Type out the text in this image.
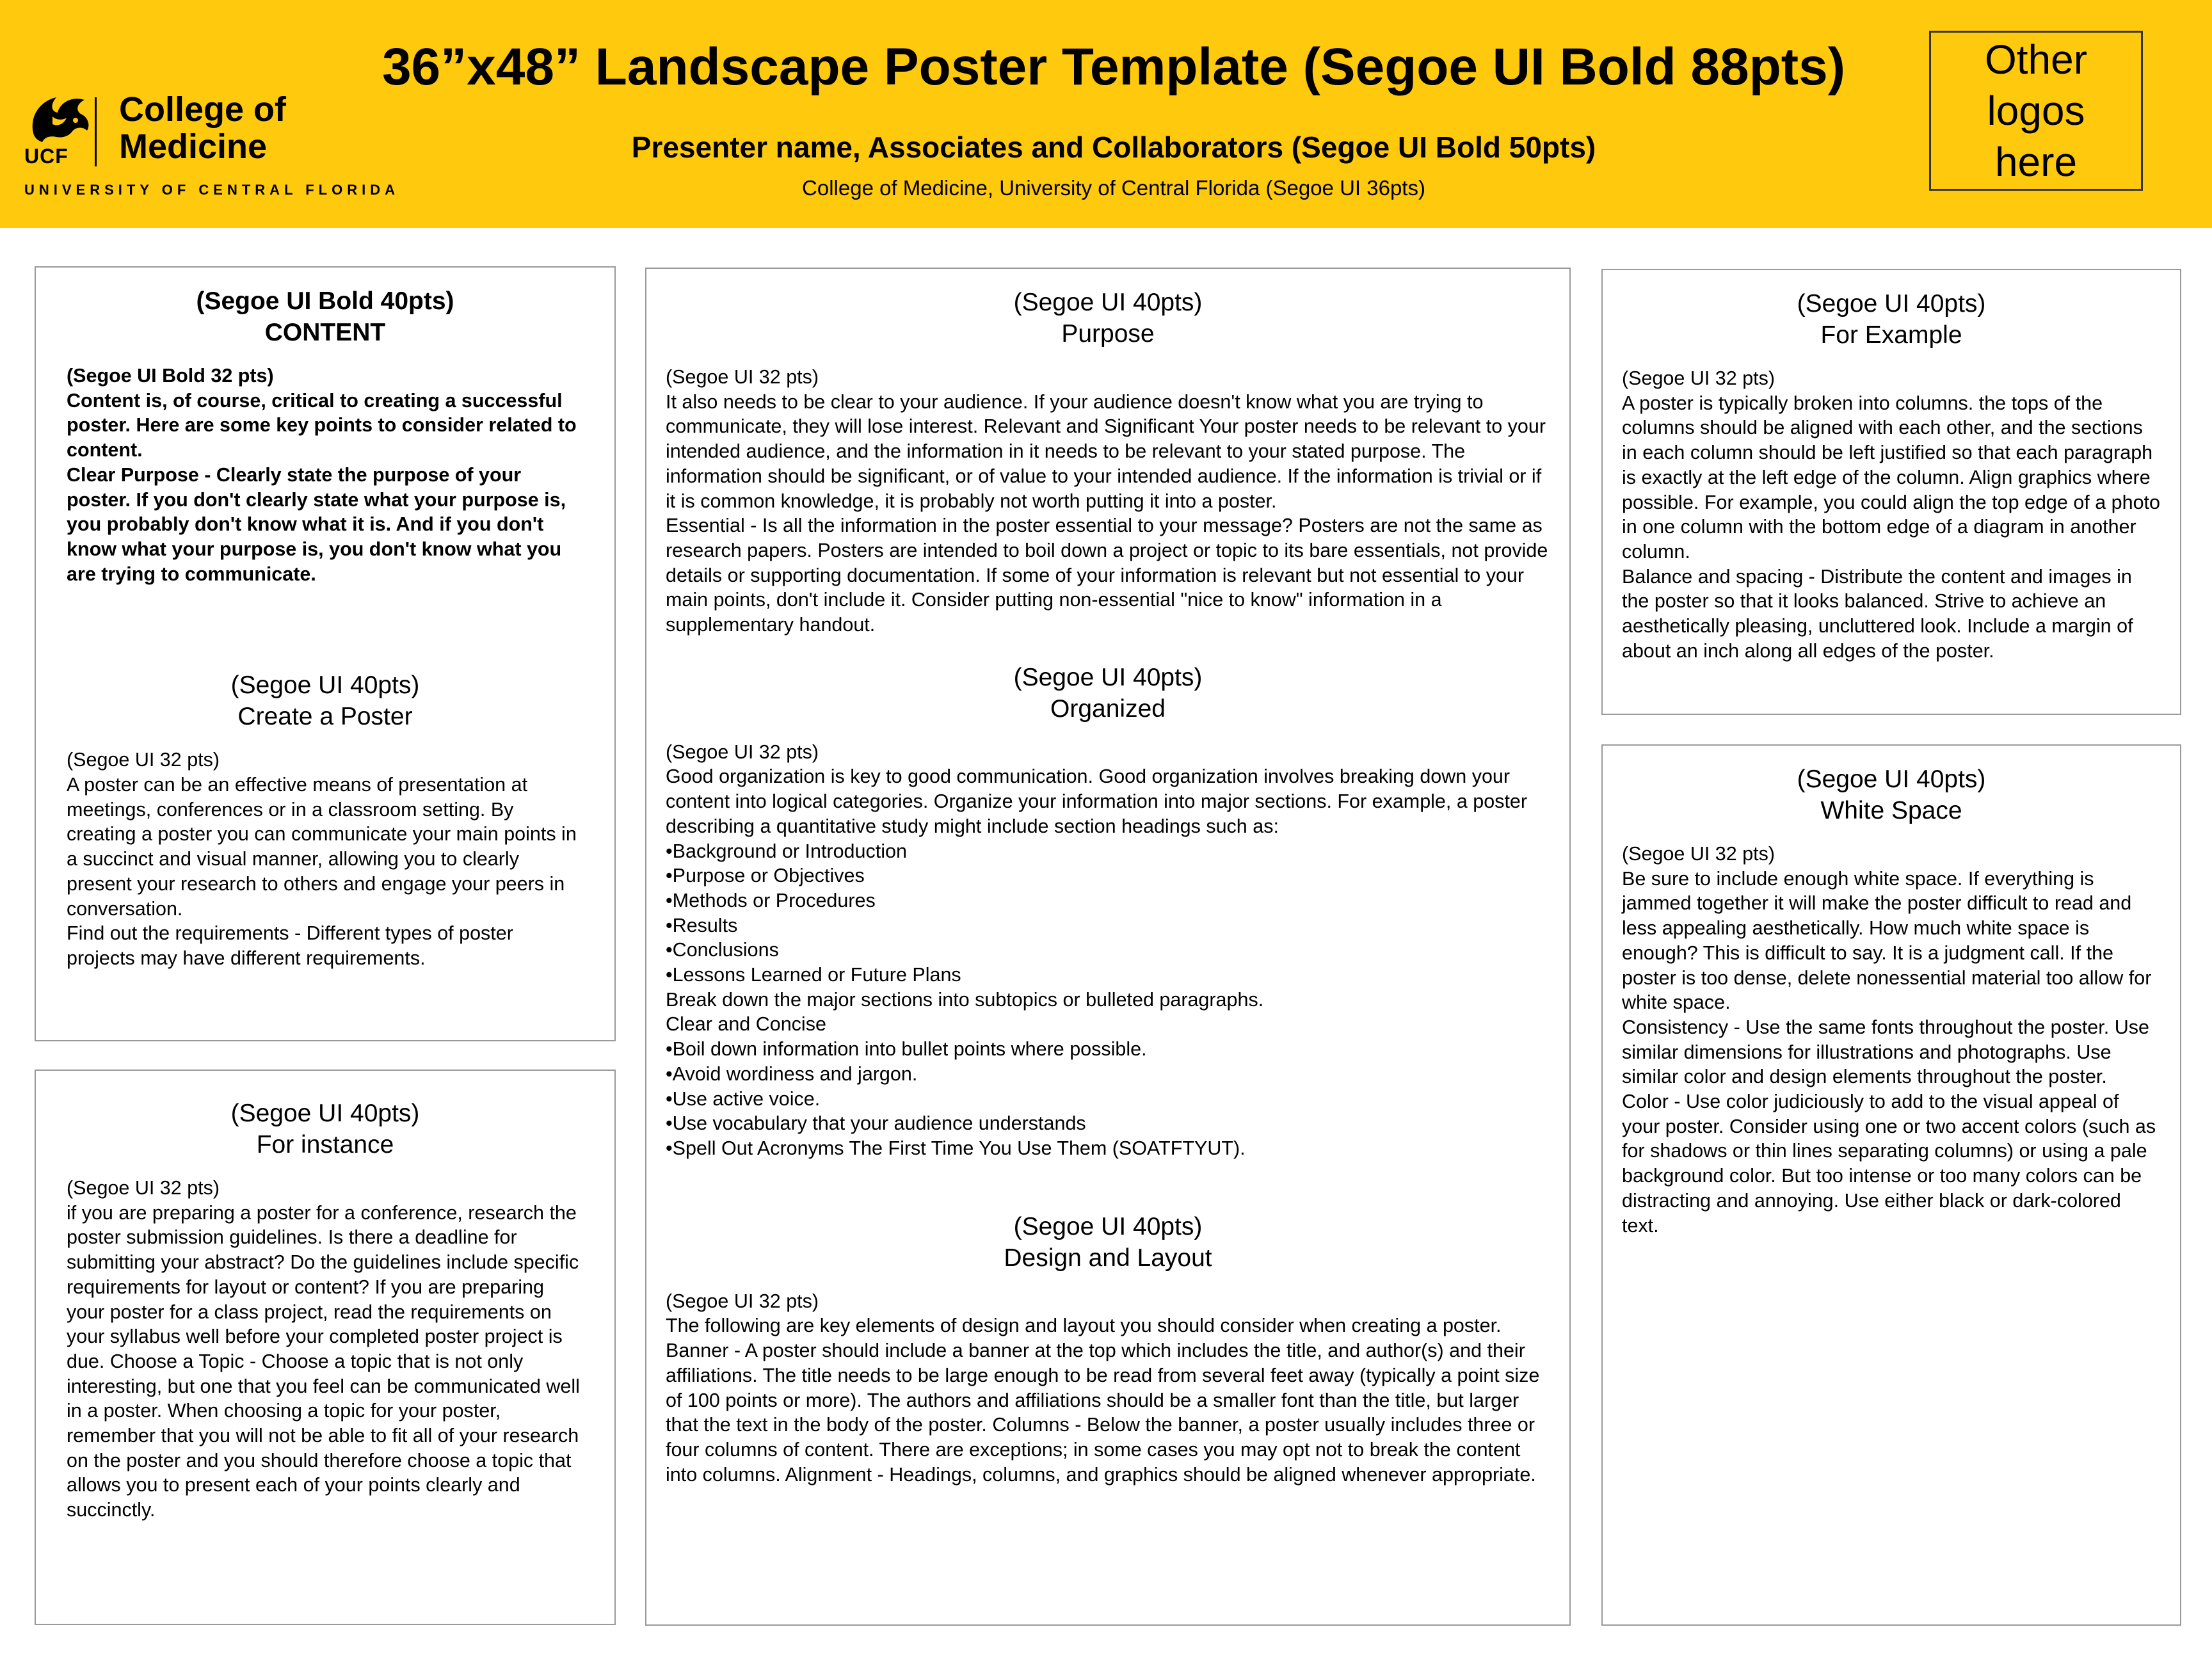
UCF
College of
Medicine
UNIVERSITY OF CENTRAL FLORIDA
36”x48” Landscape Poster Template (Segoe UI Bold 88pts)
Presenter name, Associates and Collaborators (Segoe UI Bold 50pts)
College of Medicine, University of Central Florida (Segoe UI 36pts)
Other logos here
(Segoe UI Bold 40pts)
CONTENT
(Segoe UI Bold 32 pts)
Content is, of course, critical to creating a successful poster. Here are some key points to consider related to content.
Clear Purpose - Clearly state the purpose of your poster. If you don't clearly state what your purpose is, you probably don't know what it is. And if you don't know what your purpose is, you don't know what you are trying to communicate.
(Segoe UI 40pts)
Create a Poster
(Segoe UI 32 pts)
A poster can be an effective means of presentation at meetings, conferences or in a classroom setting. By creating a poster you can communicate your main points in a succinct and visual manner, allowing you to clearly present your research to others and engage your peers in conversation.
Find out the requirements - Different types of poster projects may have different requirements.
(Segoe UI 40pts)
For instance
(Segoe UI 32 pts)
if you are preparing a poster for a conference, research the poster submission guidelines. Is there a deadline for submitting your abstract? Do the guidelines include specific requirements for layout or content? If you are preparing your poster for a class project, read the requirements on your syllabus well before your completed poster project is due. Choose a Topic - Choose a topic that is not only interesting, but one that you feel can be communicated well in a poster. When choosing a topic for your poster, remember that you will not be able to fit all of your research on the poster and you should therefore choose a topic that allows you to present each of your points clearly and succinctly.
(Segoe UI 40pts)
Purpose
(Segoe UI 32 pts)
It also needs to be clear to your audience. If your audience doesn't know what you are trying to communicate, they will lose interest. Relevant and Significant Your poster needs to be relevant to your intended audience, and the information in it needs to be relevant to your stated purpose. The information should be significant, or of value to your intended audience. If the information is trivial or if it is common knowledge, it is probably not worth putting it into a poster.
Essential - Is all the information in the poster essential to your message? Posters are not the same as research papers. Posters are intended to boil down a project or topic to its bare essentials, not provide details or supporting documentation. If some of your information is relevant but not essential to your main points, don't include it. Consider putting non-essential "nice to know" information in a supplementary handout.
(Segoe UI 40pts)
Organized
(Segoe UI 32 pts)
Good organization is key to good communication. Good organization involves breaking down your content into logical categories. Organize your information into major sections. For example, a poster describing a quantitative study might include section headings such as:
•Background or Introduction
•Purpose or Objectives
•Methods or Procedures
•Results
•Conclusions
•Lessons Learned or Future Plans
Break down the major sections into subtopics or bulleted paragraphs.
Clear and Concise
•Boil down information into bullet points where possible.
•Avoid wordiness and jargon.
•Use active voice.
•Use vocabulary that your audience understands
•Spell Out Acronyms The First Time You Use Them (SOATFTYUT).
(Segoe UI 40pts)
Design and Layout
(Segoe UI 32 pts)
The following are key elements of design and layout you should consider when creating a poster. Banner - A poster should include a banner at the top which includes the title, and author(s) and their affiliations. The title needs to be large enough to be read from several feet away (typically a point size of 100 points or more). The authors and affiliations should be a smaller font than the title, but larger that the text in the body of the poster. Columns - Below the banner, a poster usually includes three or four columns of content. There are exceptions; in some cases you may opt not to break the content into columns. Alignment - Headings, columns, and graphics should be aligned whenever appropriate.
(Segoe UI 40pts)
For Example
(Segoe UI 32 pts)
A poster is typically broken into columns. the tops of the columns should be aligned with each other, and the sections in each column should be left justified so that each paragraph is exactly at the left edge of the column. Align graphics where possible. For example, you could align the top edge of a photo in one column with the bottom edge of a diagram in another column.
Balance and spacing - Distribute the content and images in the poster so that it looks balanced. Strive to achieve an aesthetically pleasing, uncluttered look. Include a margin of about an inch along all edges of the poster.
(Segoe UI 40pts)
White Space
(Segoe UI 32 pts)
Be sure to include enough white space. If everything is jammed together it will make the poster difficult to read and less appealing aesthetically. How much white space is enough? This is difficult to say. It is a judgment call. If the poster is too dense, delete nonessential material too allow for white space.
Consistency - Use the same fonts throughout the poster. Use similar dimensions for illustrations and photographs. Use similar color and design elements throughout the poster.
Color - Use color judiciously to add to the visual appeal of your poster. Consider using one or two accent colors (such as for shadows or thin lines separating columns) or using a pale background color. But too intense or too many colors can be distracting and annoying. Use either black or dark-colored text.
